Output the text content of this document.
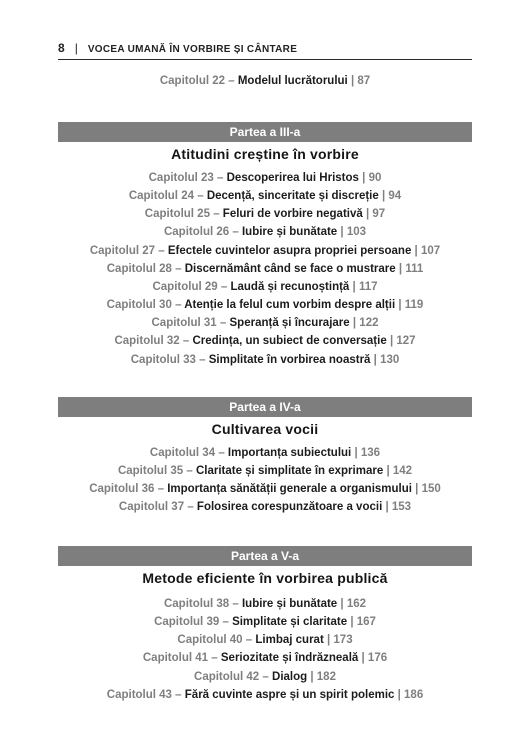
8 | VOCEA UMANĂ ÎN VORBIRE ȘI CÂNTARE
Capitolul 22 – Modelul lucrătorului | 87
Partea a III-a
Atitudini creștine în vorbire
Capitolul 23 – Descoperirea lui Hristos | 90
Capitolul 24 – Decență, sinceritate și discreție | 94
Capitolul 25 – Feluri de vorbire negativă | 97
Capitolul 26 – Iubire și bunătate | 103
Capitolul 27 – Efectele cuvintelor asupra propriei persoane | 107
Capitolul 28 – Discernământ când se face o mustrare | 111
Capitolul 29 – Laudă și recunoștință | 117
Capitolul 30 – Atenție la felul cum vorbim despre alții | 119
Capitolul 31 – Speranță și încurajare | 122
Capitolul 32 – Credința, un subiect de conversație | 127
Capitolul 33 – Simplitate în vorbirea noastră | 130
Partea a IV-a
Cultivarea vocii
Capitolul 34 – Importanța subiectului | 136
Capitolul 35 – Claritate și simplitate în exprimare | 142
Capitolul 36 – Importanța sănătății generale a organismului | 150
Capitolul 37 – Folosirea corespunzătoare a vocii | 153
Partea a V-a
Metode eficiente în vorbirea publică
Capitolul 38 – Iubire și bunătate | 162
Capitolul 39 – Simplitate și claritate | 167
Capitolul 40 – Limbaj curat | 173
Capitolul 41 – Seriozitate și îndrăzneală | 176
Capitolul 42 – Dialog | 182
Capitolul 43 – Fără cuvinte aspre și un spirit polemic | 186
